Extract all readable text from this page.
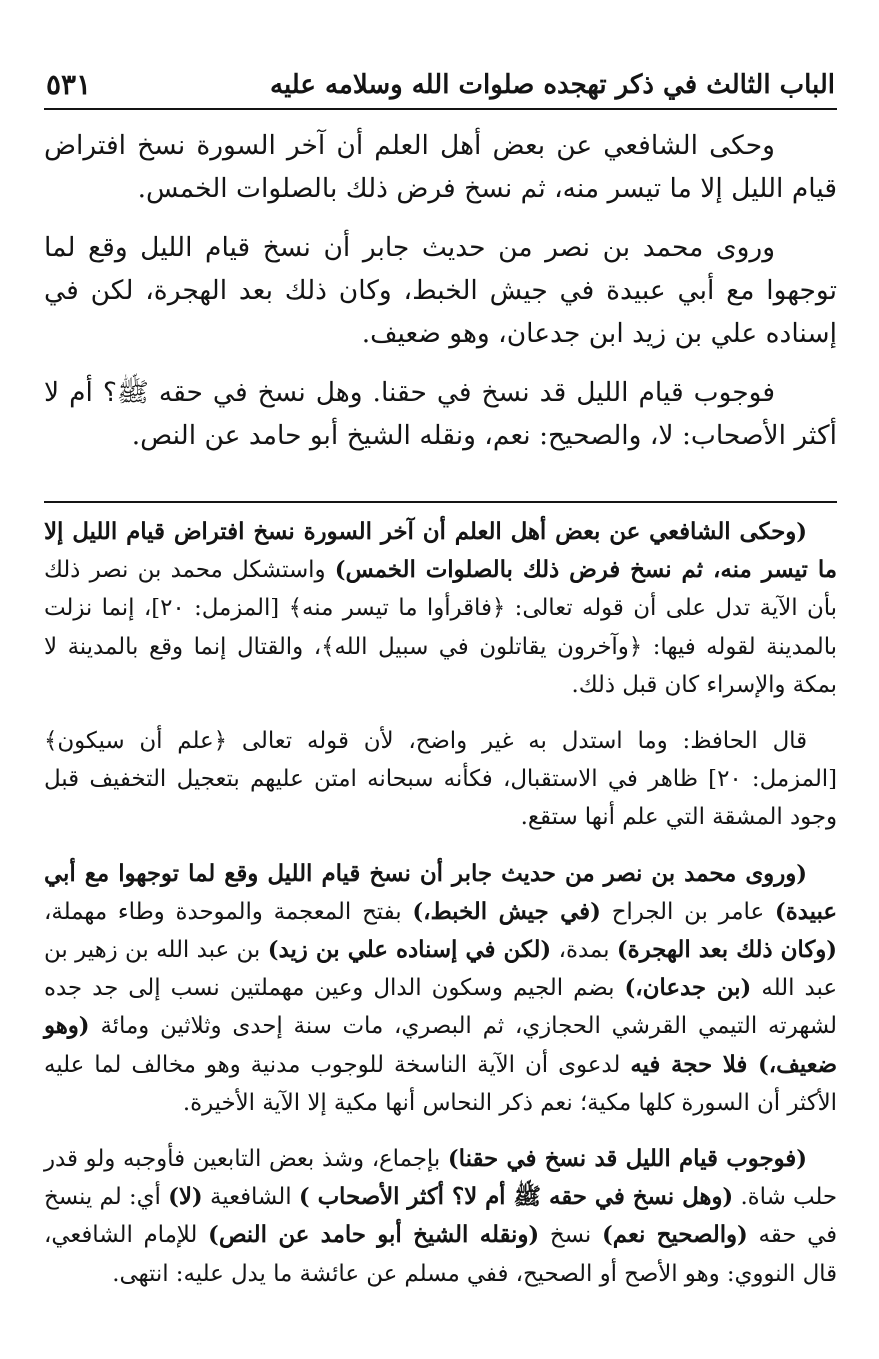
الباب الثالث في ذكر تهجده صلوات الله وسلامه عليه
٥٣١

وحكى الشافعي عن بعض أهل العلم أن آخر السورة نسخ افتراض قيام الليل إلا ما تيسر منه، ثم نسخ فرض ذلك بالصلوات الخمس.

وروى محمد بن نصر من حديث جابر أن نسخ قيام الليل وقع لما توجهوا مع أبي عبيدة في جيش الخبط، وكان ذلك بعد الهجرة، لكن في إسناده علي بن زيد ابن جدعان، وهو ضعيف.

فوجوب قيام الليل قد نسخ في حقنا. وهل نسخ في حقه ﷺ؟ أم لا أكثر الأصحاب: لا، والصحيح: نعم، ونقله الشيخ أبو حامد عن النص.

(وحكى الشافعي عن بعض أهل العلم أن آخر السورة نسخ افتراض قيام الليل إلا ما تيسر منه، ثم نسخ فرض ذلك بالصلوات الخمس) واستشكل محمد بن نصر ذلك بأن الآية تدل على أن قوله تعالى: ﴿فاقرأوا ما تيسر منه﴾ [المزمل: ٢٠]، إنما نزلت بالمدينة لقوله فيها: ﴿وآخرون يقاتلون في سبيل الله﴾، والقتال إنما وقع بالمدينة لا بمكة والإسراء كان قبل ذلك.

قال الحافظ: وما استدل به غير واضح، لأن قوله تعالى ﴿علم أن سيكون﴾ [المزمل: ٢٠] ظاهر في الاستقبال، فكأنه سبحانه امتن عليهم بتعجيل التخفيف قبل وجود المشقة التي علم أنها ستقع.

(وروى محمد بن نصر من حديث جابر أن نسخ قيام الليل وقع لما توجهوا مع أبي عبيدة) عامر بن الجراح (في جيش الخبط،) بفتح المعجمة والموحدة وطاء مهملة، (وكان ذلك بعد الهجرة) بمدة، (لكن في إسناده علي بن زيد) بن عبد الله بن زهير بن عبد الله (بن جدعان،) بضم الجيم وسكون الدال وعين مهملتين نسب إلى جد جده لشهرته التيمي القرشي الحجازي، ثم البصري، مات سنة إحدى وثلاثين ومائة (وهو ضعيف،) فلا حجة فيه لدعوى أن الآية الناسخة للوجوب مدنية وهو مخالف لما عليه الأكثر أن السورة كلها مكية؛ نعم ذكر النحاس أنها مكية إلا الآية الأخيرة.

(فوجوب قيام الليل قد نسخ في حقنا) بإجماع، وشذ بعض التابعين فأوجبه ولو قدر حلب شاة. (وهل نسخ في حقه ﷺ أم لا؟ أكثر الأصحاب ) الشافعية (لا) أي: لم ينسخ في حقه (والصحيح نعم) نسخ (ونقله الشيخ أبو حامد عن النص) للإمام الشافعي، قال النووي: وهو الأصح أو الصحيح، ففي مسلم عن عائشة ما يدل عليه: انتهى.
